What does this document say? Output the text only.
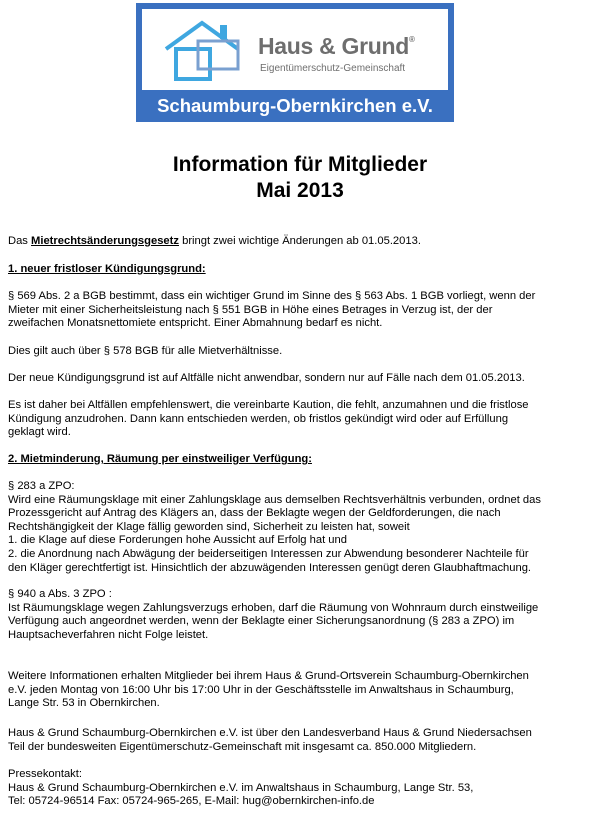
Haus & Grund®
Eigentümerschutz-Gemeinschaft
Schaumburg-Obernkirchen e.V.
Information für Mitglieder
Mai 2013
Das Mietrechtsänderungsgesetz bringt zwei wichtige Änderungen ab 01.05.2013.
1. neuer fristloser Kündigungsgrund:
§ 569 Abs. 2 a BGB bestimmt, dass ein wichtiger Grund im Sinne des § 563 Abs. 1 BGB vorliegt, wenn der
Mieter mit einer Sicherheitsleistung nach § 551 BGB in Höhe eines Betrages in Verzug ist, der der
zweifachen Monatsnettomiete entspricht. Einer Abmahnung bedarf es nicht.
Dies gilt auch über § 578 BGB für alle Mietverhältnisse.
Der neue Kündigungsgrund ist auf Altfälle nicht anwendbar, sondern nur auf Fälle nach dem 01.05.2013.
Es ist daher bei Altfällen empfehlenswert, die vereinbarte Kaution, die fehlt, anzumahnen und die fristlose
Kündigung anzudrohen. Dann kann entschieden werden, ob fristlos gekündigt wird oder auf Erfüllung
geklagt wird.
2. Mietminderung, Räumung per einstweiliger Verfügung:
§ 283 a ZPO:
Wird eine Räumungsklage mit einer Zahlungsklage aus demselben Rechtsverhältnis verbunden, ordnet das
Prozessgericht auf Antrag des Klägers an, dass der Beklagte wegen der Geldforderungen, die nach
Rechtshängigkeit der Klage fällig geworden sind, Sicherheit zu leisten hat, soweit
1. die Klage auf diese Forderungen hohe Aussicht auf Erfolg hat und
2. die Anordnung nach Abwägung der beiderseitigen Interessen zur Abwendung besonderer Nachteile für
den Kläger gerechtfertigt ist. Hinsichtlich der abzuwägenden Interessen genügt deren Glaubhaftmachung.
§ 940 a Abs. 3 ZPO :
Ist Räumungsklage wegen Zahlungsverzugs erhoben, darf die Räumung von Wohnraum durch einstweilige
Verfügung auch angeordnet werden, wenn der Beklagte einer Sicherungsanordnung (§ 283 a ZPO) im
Hauptsacheverfahren nicht Folge leistet.
Weitere Informationen erhalten Mitglieder bei ihrem Haus & Grund-Ortsverein Schaumburg-Obernkirchen
e.V. jeden Montag von 16:00 Uhr bis 17:00 Uhr in der Geschäftsstelle im Anwaltshaus in Schaumburg,
Lange Str. 53 in Obernkirchen.
Haus & Grund Schaumburg-Obernkirchen e.V. ist über den Landesverband Haus & Grund Niedersachsen
Teil der bundesweiten Eigentümerschutz-Gemeinschaft mit insgesamt ca. 850.000 Mitgliedern.
Pressekontakt:
Haus & Grund Schaumburg-Obernkirchen e.V. im Anwaltshaus in Schaumburg, Lange Str. 53,
Tel: 05724-96514 Fax: 05724-965-265, E-Mail: hug@obernkirchen-info.de
